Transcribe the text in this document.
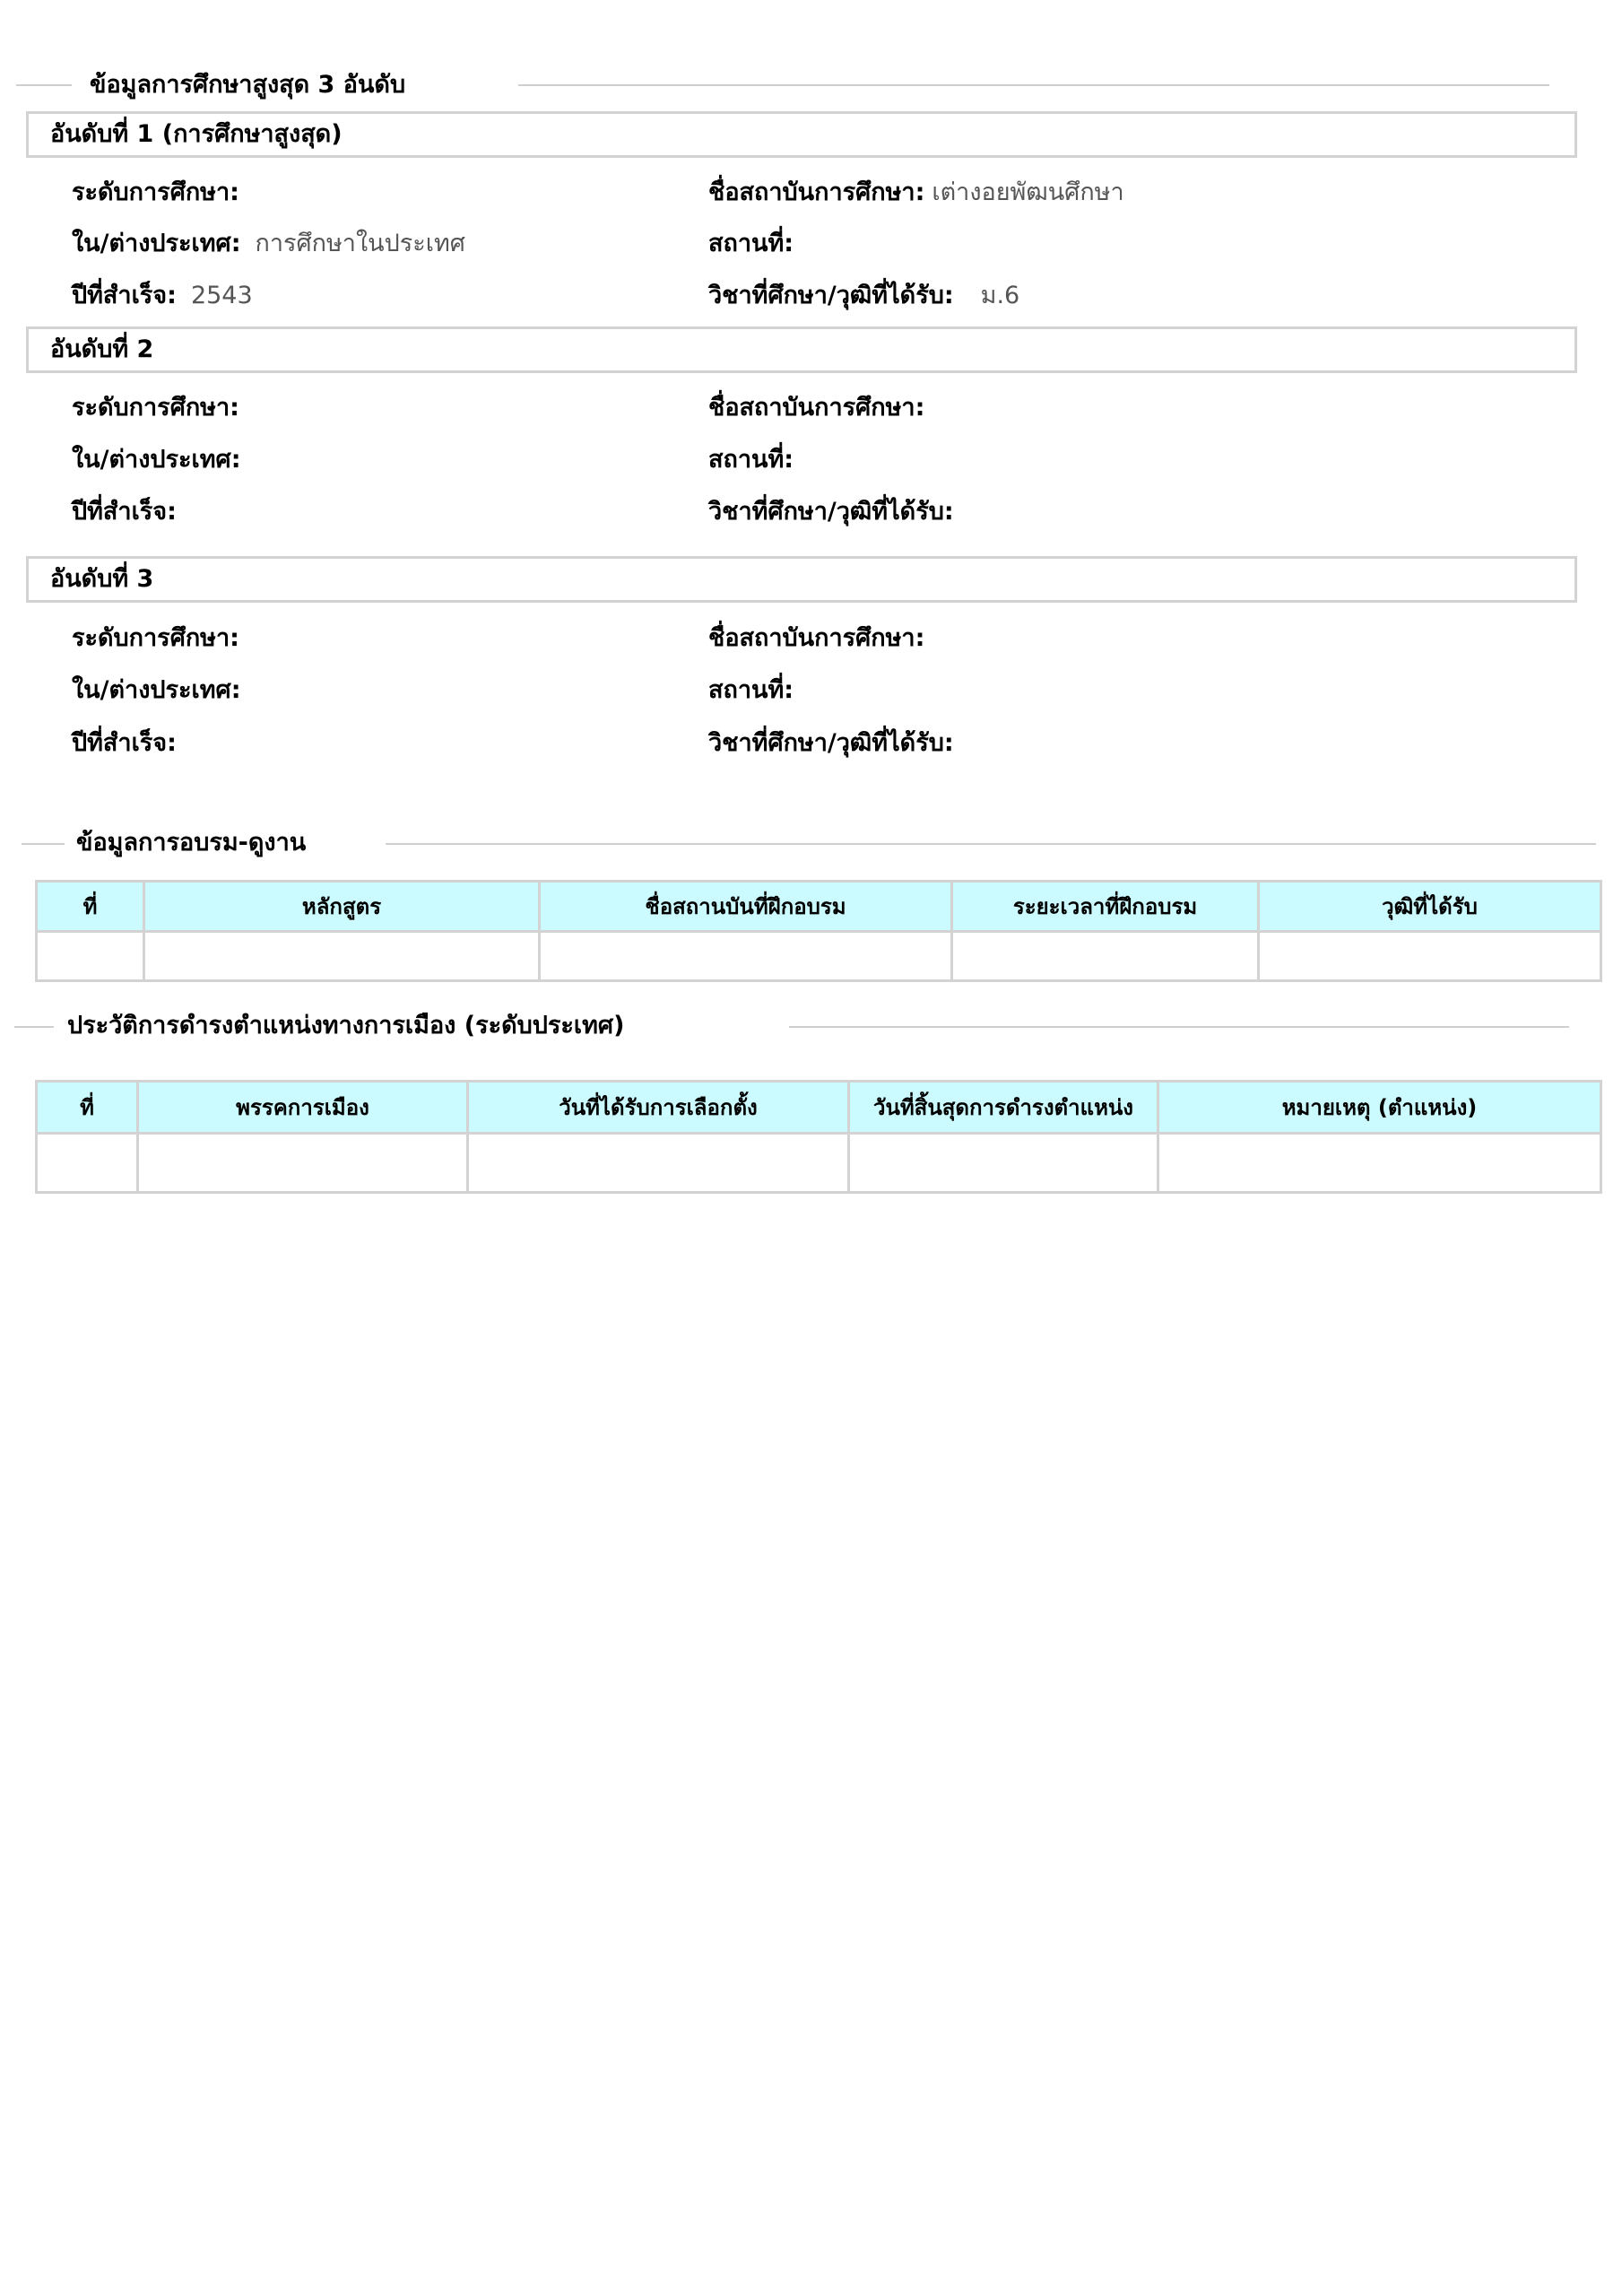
ข้อมูลการศึกษาสูงสุด 3 อันดับ
อันดับที่ 1 (การศึกษาสูงสุด)
ระดับการศึกษา:	ชื่อสถาบันการศึกษา: เต่างอยพัฒนศึกษา
ใน/ต่างประเทศ: การศึกษาในประเทศ	สถานที่:
ปีที่สำเร็จ: 2543	วิชาที่ศึกษา/วุฒิที่ได้รับ: ม.6
อันดับที่ 2
ระดับการศึกษา:	ชื่อสถาบันการศึกษา:
ใน/ต่างประเทศ:	สถานที่:
ปีที่สำเร็จ:	วิชาที่ศึกษา/วุฒิที่ได้รับ:
อันดับที่ 3
ระดับการศึกษา:	ชื่อสถาบันการศึกษา:
ใน/ต่างประเทศ:	สถานที่:
ปีที่สำเร็จ:	วิชาที่ศึกษา/วุฒิที่ได้รับ:
ข้อมูลการอบรม-ดูงาน
ที่	หลักสูตร	ชื่อสถานบันที่ฝึกอบรม	ระยะเวลาที่ฝึกอบรม	วุฒิที่ได้รับ

ประวัติการดำรงตำแหน่งทางการเมือง (ระดับประเทศ)
ที่	พรรคการเมือง	วันที่ได้รับการเลือกตั้ง	วันที่สิ้นสุดการดำรงตำแหน่ง	หมายเหตุ (ตำแหน่ง)
